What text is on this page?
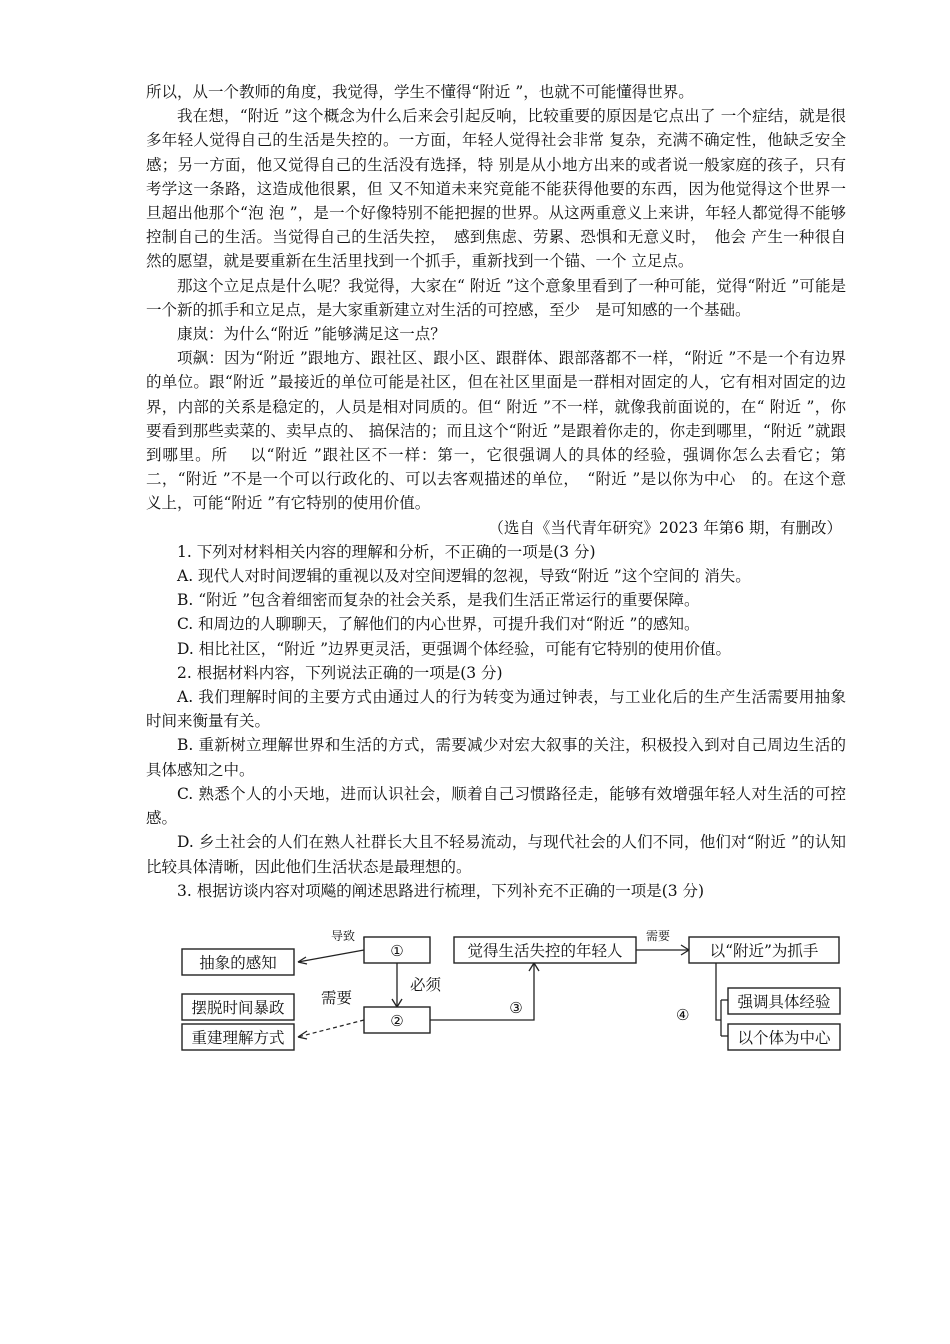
所以，从一个教师的角度，我觉得，学生不懂得“附近 ”，也就不可能懂得世界。

我在想，“附近 ”这个概念为什么后来会引起反响，比较重要的原因是它点出了 一个症结，就是很多年轻人觉得自己的生活是失控的。一方面，年轻人觉得社会非常 复杂，充满不确定性，他缺乏安全感；另一方面，他又觉得自己的生活没有选择，特 别是从小地方出来的或者说一般家庭的孩子，只有考学这一条路，这造成他很累，但 又不知道未来究竟能不能获得他要的东西，因为他觉得这个世界一旦超出他那个“泡 泡 ”，是一个好像特别不能把握的世界。从这两重意义上来讲，年轻人都觉得不能够 控制自己的生活。当觉得自己的生活失控，　感到焦虑、劳累、恐惧和无意义时，　他会 产生一种很自然的愿望，就是要重新在生活里找到一个抓手，重新找到一个锚、一个 立足点。

那这个立足点是什么呢？我觉得，大家在“ 附近 ”这个意象里看到了一种可能，觉得“附近 ”可能是一个新的抓手和立足点，是大家重新建立对生活的可控感，至少　是可知感的一个基础。

康岚：为什么“附近 ”能够满足这一点？

项飙：因为“附近 ”跟地方、跟社区、跟小区、跟群体、跟部落都不一样，“附近 ”不是一个有边界的单位。跟“附近 ”最接近的单位可能是社区，但在社区里面是一群相对固定的人，它有相对固定的边界，内部的关系是稳定的，人员是相对同质的。但“ 附近 ”不一样，就像我前面说的，在“ 附近 ”，你要看到那些卖菜的、卖早点的、 搞保洁的；而且这个“附近 ”是跟着你走的，你走到哪里，“附近 ”就跟到哪里。所　 以“附近 ”跟社区不一样：第一，它很强调人的具体的经验，强调你怎么去看它；第　二，“附近 ”不是一个可以行政化的、可以去客观描述的单位，　“附近 ”是以你为中心　的。在这个意义上，可能“附近 ”有它特别的使用价值。

（选自《当代青年研究》2023 年第6 期，有删改）

1. 下列对材料相关内容的理解和分析，不正确的一项是(3 分)

A. 现代人对时间逻辑的重视以及对空间逻辑的忽视，导致“附近 ”这个空间的 消失。

B. “附近 ”包含着细密而复杂的社会关系，是我们生活正常运行的重要保障。

C. 和周边的人聊聊天，了解他们的内心世界，可提升我们对“附近 ”的感知。

D. 相比社区，“附近 ”边界更灵活，更强调个体经验，可能有它特别的使用价值。

2. 根据材料内容，下列说法正确的一项是(3 分)

A. 我们理解时间的主要方式由通过人的行为转变为通过钟表，与工业化后的生产生活需要用抽象时间来衡量有关。

B. 重新树立理解世界和生活的方式，需要减少对宏大叙事的关注，积极投入到对自己周边生活的具体感知之中。

C. 熟悉个人的小天地，进而认识社会，顺着自己习惯路径走，能够有效增强年轻人对生活的可控感。

D. 乡土社会的人们在熟人社群长大且不轻易流动，与现代社会的人们不同，他们对“附近 ”的认知比较具体清晰，因此他们生活状态是最理想的。

3. 根据访谈内容对项飚的阐述思路进行梳理，下列补充不正确的一项是(3 分)

抽象的感知
摆脱时间暴政
重建理解方式
导致
①
必须
②
需要
③
觉得生活失控的年轻人
需要
以“附近”为抓手
④
强调具体经验
以个体为中心
